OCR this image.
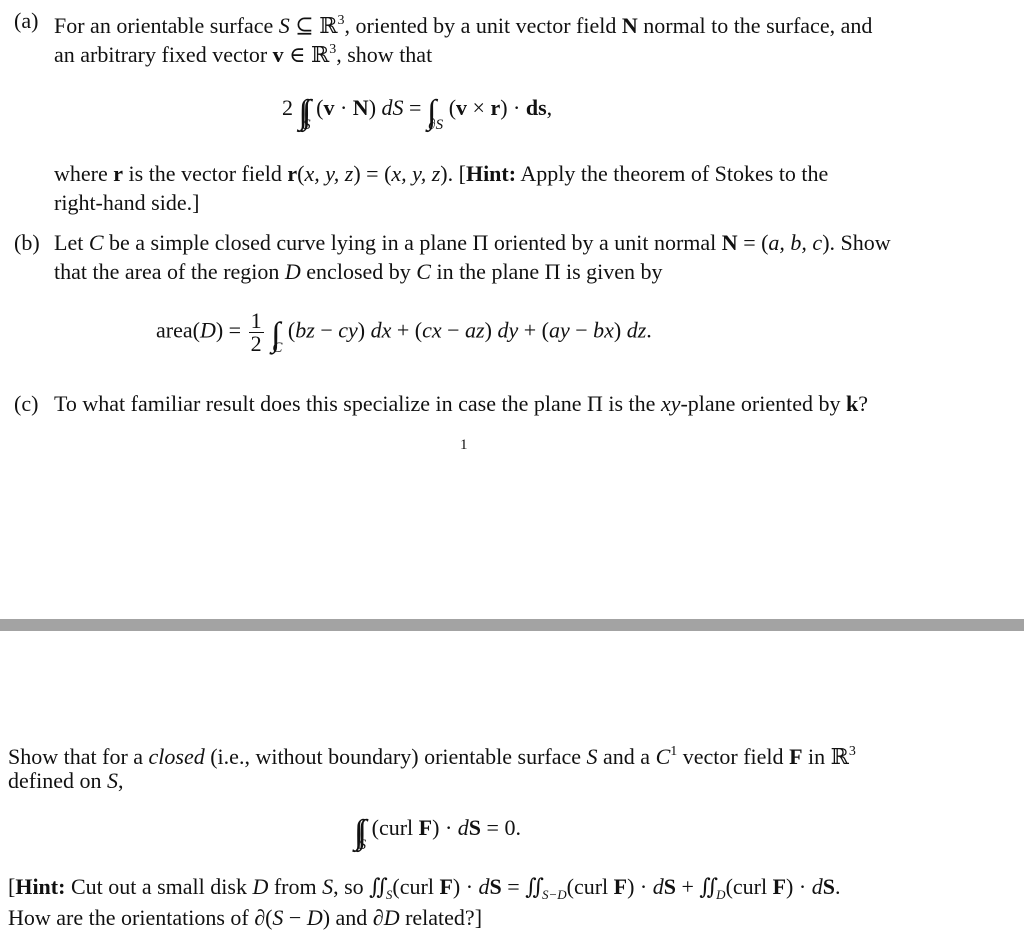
(a) For an orientable surface S ⊆ ℝ$^3$, oriented by a unit vector field N normal to the surface, and
an arbitrary fixed vector v ∈ ℝ$^3$, show that
2 $\int\int_S$ (v · N) dS = $\int_{\partial S}$ (v × r) · ds,
where r is the vector field r(x, y, z) = (x, y, z). [Hint: Apply the theorem of Stokes to the
right-hand side.]
(b) Let C be a simple closed curve lying in a plane Π oriented by a unit normal N = (a, b, c). Show
that the area of the region D enclosed by C in the plane Π is given by
area(D) = $\frac{1}{2} \int_C$ (bz − cy) dx + (cx − az) dy + (ay − bx) dz.
(c) To what familiar result does this specialize in case the plane Π is the xy-plane oriented by k?
1
Show that for a closed (i.e., without boundary) orientable surface S and a $C^1$ vector field F in ℝ$^3$
defined on S,
$\int\int_S$ (curl F) · dS = 0.
[Hint: Cut out a small disk D from S, so $∬_S(curl$ F) · dS = $∬_{S-D}(curl$ F) · dS + $∬_D(curl$ F) · dS.
How are the orientations of ∂(S − D) and ∂D related?]
